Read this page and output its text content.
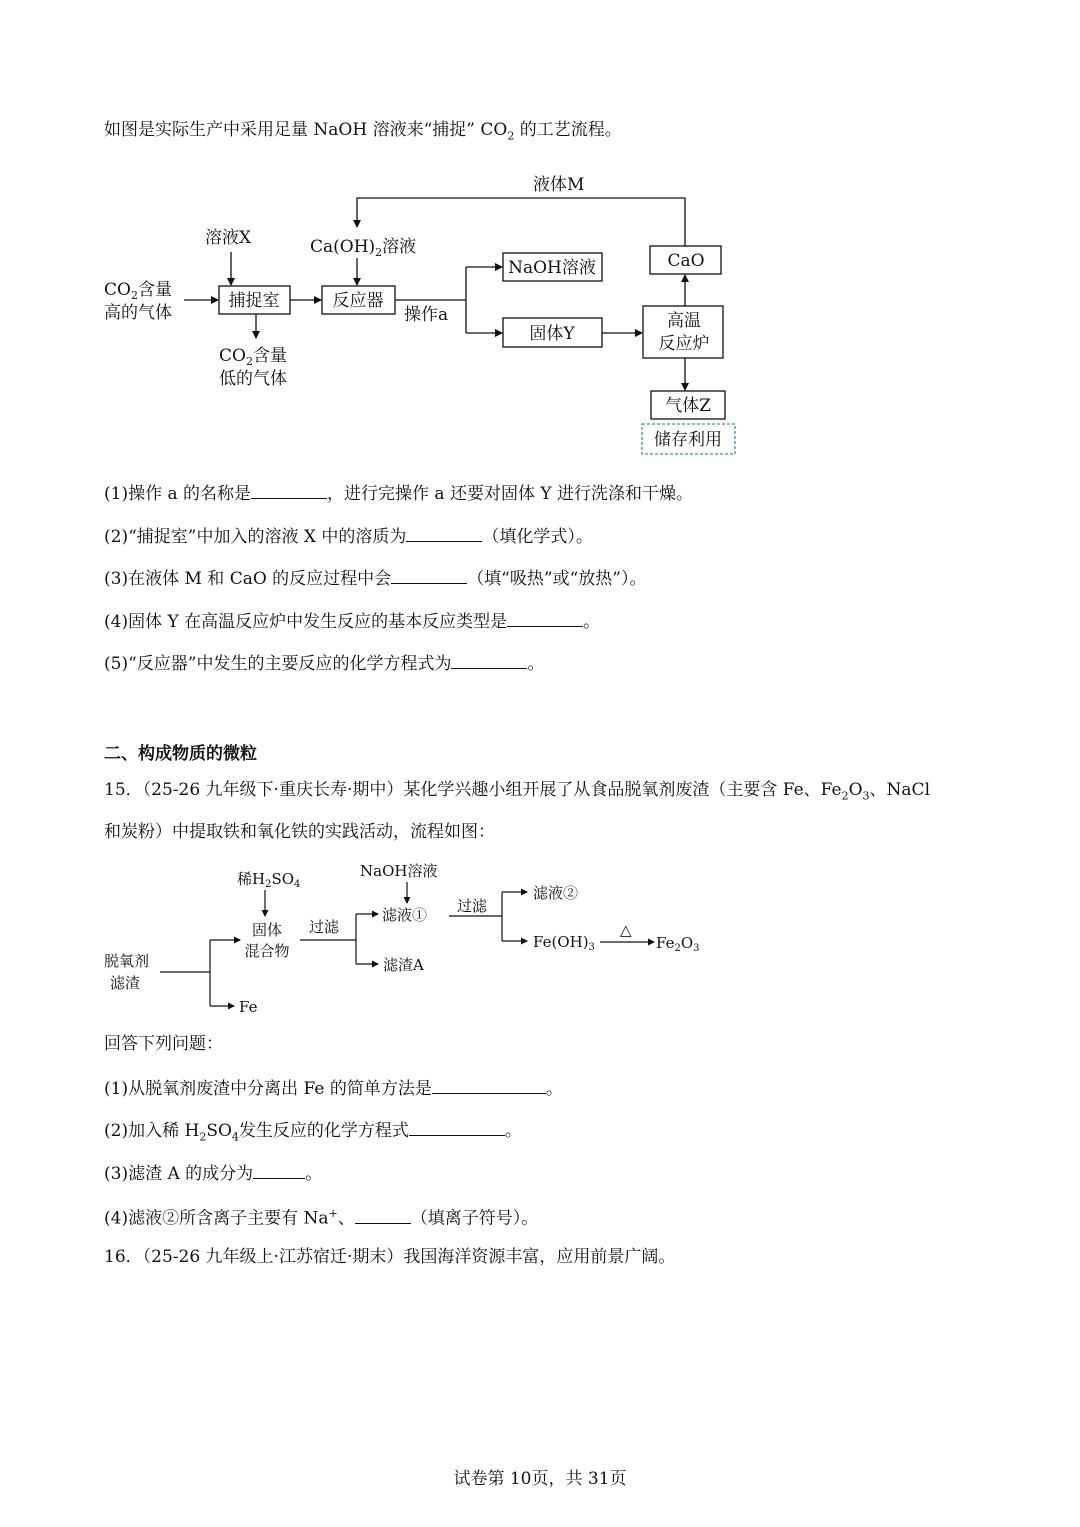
如图是实际生产中采用足量 NaOH 溶液来“捕捉” $CO_2$ 的工艺流程。
液体M
溶液X	$Ca(OH)_2$溶液
$CO_2$含量
高的气体
捕捉室	反应器
操作a
NaOH溶液
固体Y
CaO
高温
反应炉
$CO_2$含量
低的气体
气体Z
储存利用
(1)操作 a 的名称是	，进行完操作 a 还要对固体 Y 进行洗涤和干燥。
(2)“捕捉室”中加入的溶液 X 中的溶质为	（填化学式）。
(3)在液体 M 和 CaO 的反应过程中会	（填“吸热”或“放热”）。
(4)固体 Y 在高温反应炉中发生反应的基本反应类型是	。
(5)“反应器”中发生的主要反应的化学方程式为	。
二、构成物质的微粒
15．（25-26 九年级下·重庆长寿·期中）某化学兴趣小组开展了从食品脱氧剂废渣（主要含 Fe、$Fe_2O_3$、NaCl
和炭粉）中提取铁和氧化铁的实践活动，流程如图：
稀$H_2SO_4$
NaOH溶液
固体
混合物
过滤
滤液①
滤渣A
过滤
滤液②
$Fe(OH)_3$
△
$Fe_2O_3$
脱氧剂
滤渣
Fe
回答下列问题：
(1)从脱氧剂废渣中分离出 Fe 的简单方法是	。
(2)加入稀 $H_2SO_4$发生反应的化学方程式	。
(3)滤渣 A 的成分为	。
(4)滤液②所含离子主要有 Na+、	（填离子符号）。
16．（25-26 九年级上·江苏宿迁·期末）我国海洋资源丰富，应用前景广阔。
试卷第 10页，共 31页
